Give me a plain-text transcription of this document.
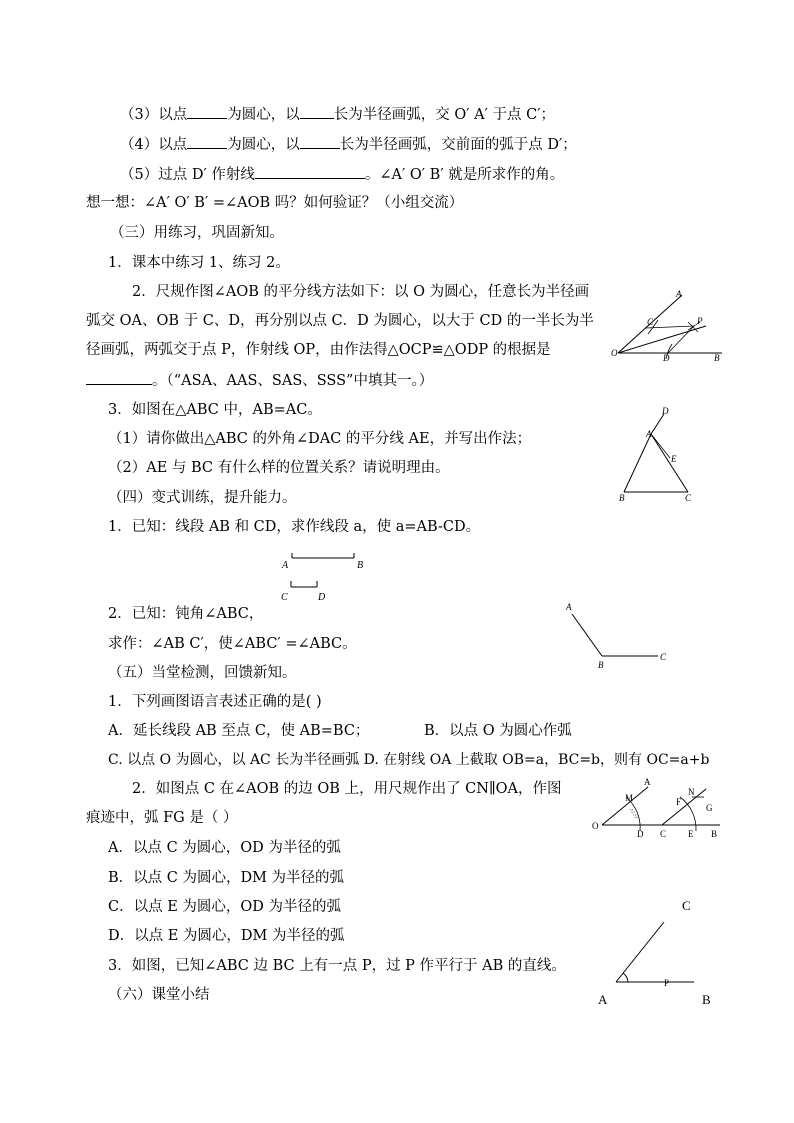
（3）以点	为圆心，以 长为半径画弧，交 O′ A′ 于点 C′；
（4）以点	为圆心，以	长为半径画弧，交前面的弧于点 D′；
（5）过点 D′ 作射线	。∠A′ O′ B′ 就是所求作的角。
想一想：∠A′ O′ B′ =∠AOB 吗？如何验证？（小组交流）
（三）用练习，巩固新知。
1．课本中练习 1、练习 2。
2．尺规作图∠AOB 的平分线方法如下：以 O 为圆心，任意长为半径画
弧交 OA、OB 于 C、D，再分别以点 C．D 为圆心，以大于 CD 的一半长为半
径画弧，两弧交于点 P，作射线 OP，由作法得△OCP≌△ODP 的根据是
。（“ASA、AAS、SAS、SSS”中填其一。）
3．如图在△ABC 中，AB=AC。
（1）请你做出△ABC 的外角∠DAC 的平分线 AE，并写出作法；
（2）AE 与 BC 有什么样的位置关系？请说明理由。
（四）变式训练，提升能力。
1．已知：线段 AB 和 CD，求作线段 a，使 a=AB-CD。
2．已知：钝角∠ABC，
求作：∠AB C′，使∠ABC′ =∠ABC。
（五）当堂检测，回馈新知。
1．下列画图语言表述正确的是( )
A．延长线段 AB 至点 C，使 AB=BC；	B．以点 O 为圆心作弧
C. 以点 O 为圆心，以 AC 长为半径画弧 D. 在射线 OA 上截取 OB=a，BC=b，则有 OC=a+b
2．如图点 C 在∠AOB 的边 OB 上，用尺规作出了 CN∥OA，作图
痕迹中，弧 FG 是（ ）
A．以点 C 为圆心，OD 为半径的弧
B．以点 C 为圆心，DM 为半径的弧
C．以点 E 为圆心，OD 为半径的弧
D．以点 E 为圆心，DM 为半径的弧
3．如图，已知∠ABC 边 BC 上有一点 P，过 P 作平行于 AB 的直线。
（六）课堂小结
A
C	P
O	D	B
D
A
E
B	C
A	B
C	D
A
B
C
A
M
N
G
F
O
D C E B
C
P
A	B
